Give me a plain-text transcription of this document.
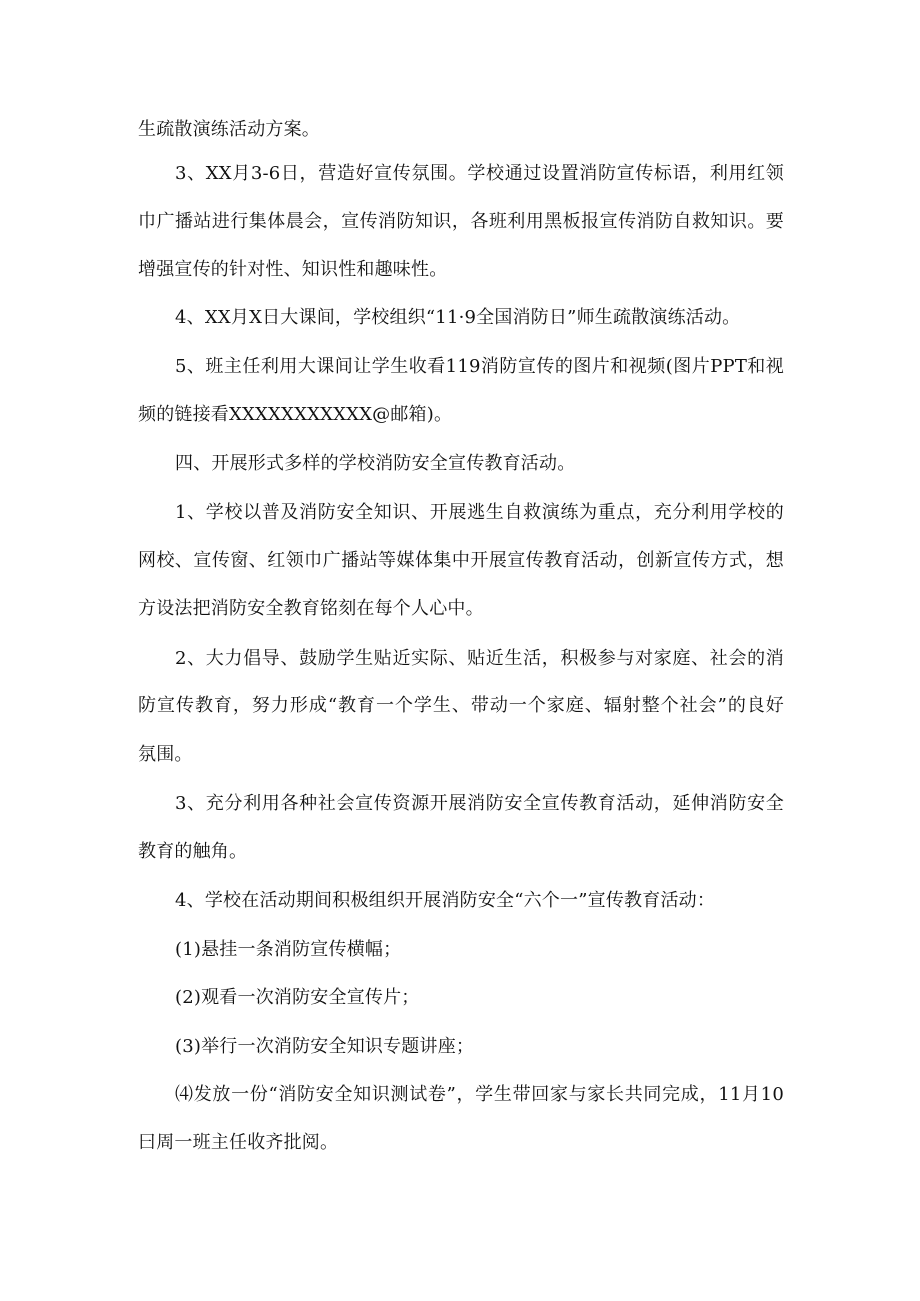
生疏散演练活动方案。
3、XX月3-6日，营造好宣传氛围。学校通过设置消防宣传标语，利用红领
巾广播站进行集体晨会，宣传消防知识，各班利用黑板报宣传消防自救知识。要
增强宣传的针对性、知识性和趣味性。
4、XX月X日大课间，学校组织“11·9全国消防日”师生疏散演练活动。
5、班主任利用大课间让学生收看119消防宣传的图片和视频(图片PPT和视
频的链接看XXXXXXXXXXX@邮箱)。
四、开展形式多样的学校消防安全宣传教育活动。
1、学校以普及消防安全知识、开展逃生自救演练为重点，充分利用学校的
网校、宣传窗、红领巾广播站等媒体集中开展宣传教育活动，创新宣传方式，想
方设法把消防安全教育铭刻在每个人心中。
2、大力倡导、鼓励学生贴近实际、贴近生活，积极参与对家庭、社会的消
防宣传教育，努力形成“教育一个学生、带动一个家庭、辐射整个社会”的良好
氛围。
3、充分利用各种社会宣传资源开展消防安全宣传教育活动，延伸消防安全
教育的触角。
4、学校在活动期间积极组织开展消防安全“六个一”宣传教育活动：
(1)悬挂一条消防宣传横幅；
(2)观看一次消防安全宣传片；
(3)举行一次消防安全知识专题讲座；
⑷发放一份“消防安全知识测试卷”，学生带回家与家长共同完成，11月10
曰周一班主任收齐批阅。
